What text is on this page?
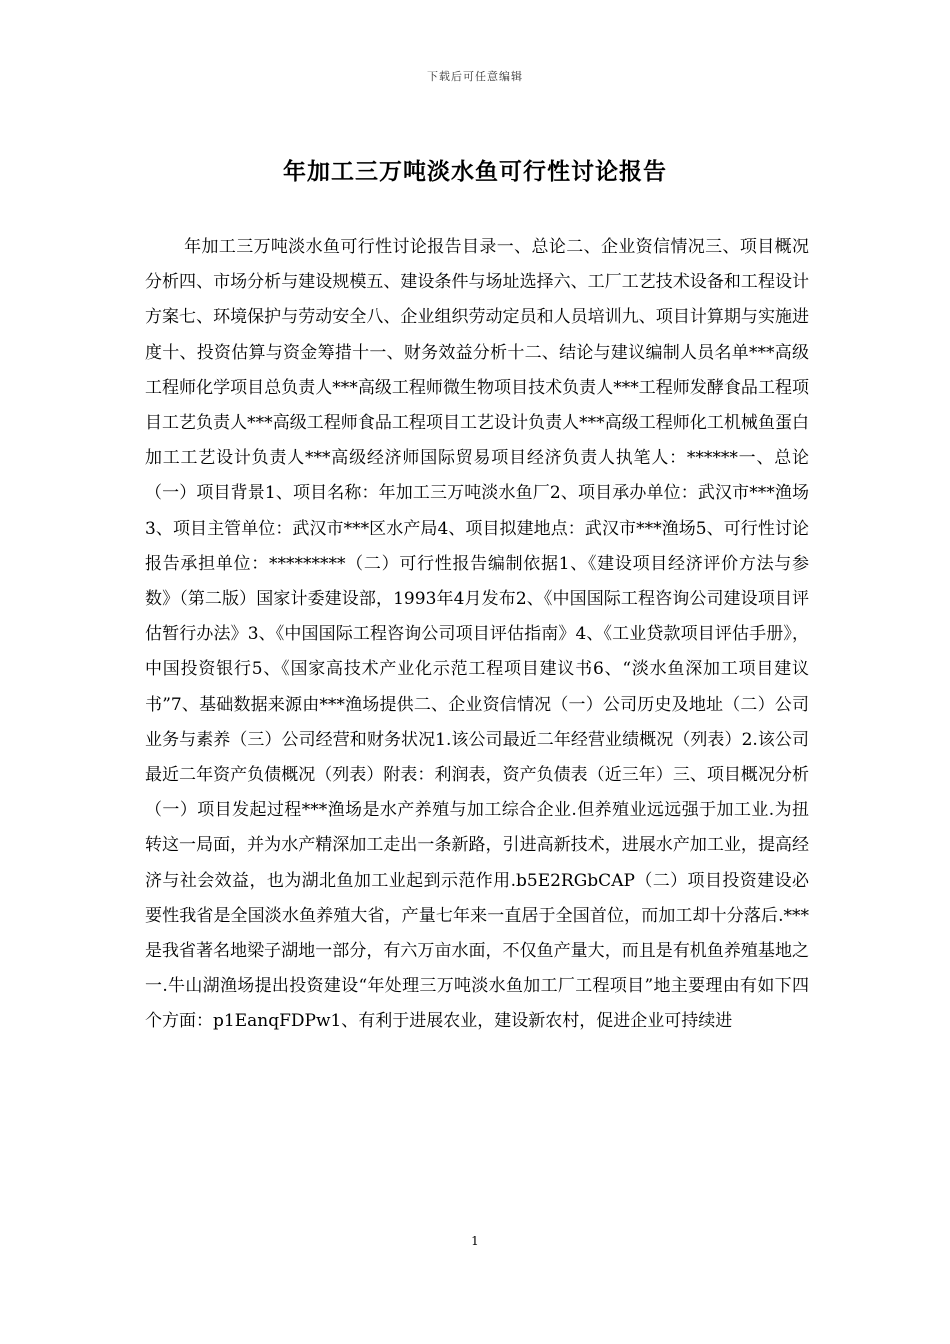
下载后可任意编辑
年加工三万吨淡水鱼可行性讨论报告

年加工三万吨淡水鱼可行性讨论报告目录一、总论二、企业资信情况三、项目概况分析四、市场分析与建设规模五、建设条件与场址选择六、工厂工艺技术设备和工程设计方案七、环境保护与劳动安全八、企业组织劳动定员和人员培训九、项目计算期与实施进度十、投资估算与资金筹措十一、财务效益分析十二、结论与建议编制人员名单***高级工程师化学项目总负责人***高级工程师微生物项目技术负责人***工程师发酵食品工程项目工艺负责人***高级工程师食品工程项目工艺设计负责人***高级工程师化工机械鱼蛋白加工工艺设计负责人***高级经济师国际贸易项目经济负责人执笔人：******一、总论（一）项目背景1、项目名称：年加工三万吨淡水鱼厂2、项目承办单位：武汉市***渔场3、项目主管单位：武汉市***区水产局4、项目拟建地点：武汉市***渔场5、可行性讨论报告承担单位：*********（二）可行性报告编制依据1、《建设项目经济评价方法与参数》（第二版）国家计委建设部，1993年4月发布2、《中国国际工程咨询公司建设项目评估暂行办法》3、《中国国际工程咨询公司项目评估指南》4、《工业贷款项目评估手册》，中国投资银行5、《国家高技术产业化示范工程项目建议书6、“淡水鱼深加工项目建议书”7、基础数据来源由***渔场提供二、企业资信情况（一）公司历史及地址（二）公司业务与素养（三）公司经营和财务状况1.该公司最近二年经营业绩概况（列表）2.该公司最近二年资产负债概况（列表）附表：利润表，资产负债表（近三年）三、项目概况分析（一）项目发起过程***渔场是水产养殖与加工综合企业.但养殖业远远强于加工业.为扭转这一局面，并为水产精深加工走出一条新路，引进高新技术，进展水产加工业，提高经济与社会效益，也为湖北鱼加工业起到示范作用.b5E2RGbCAP（二）项目投资建设必要性我省是全国淡水鱼养殖大省，产量七年来一直居于全国首位，而加工却十分落后.***是我省著名地梁子湖地一部分，有六万亩水面，不仅鱼产量大，而且是有机鱼养殖基地之一.牛山湖渔场提出投资建设“年处理三万吨淡水鱼加工厂工程项目”地主要理由有如下四个方面：p1EanqFDPw1、有利于进展农业，建设新农村，促进企业可持续进

1
